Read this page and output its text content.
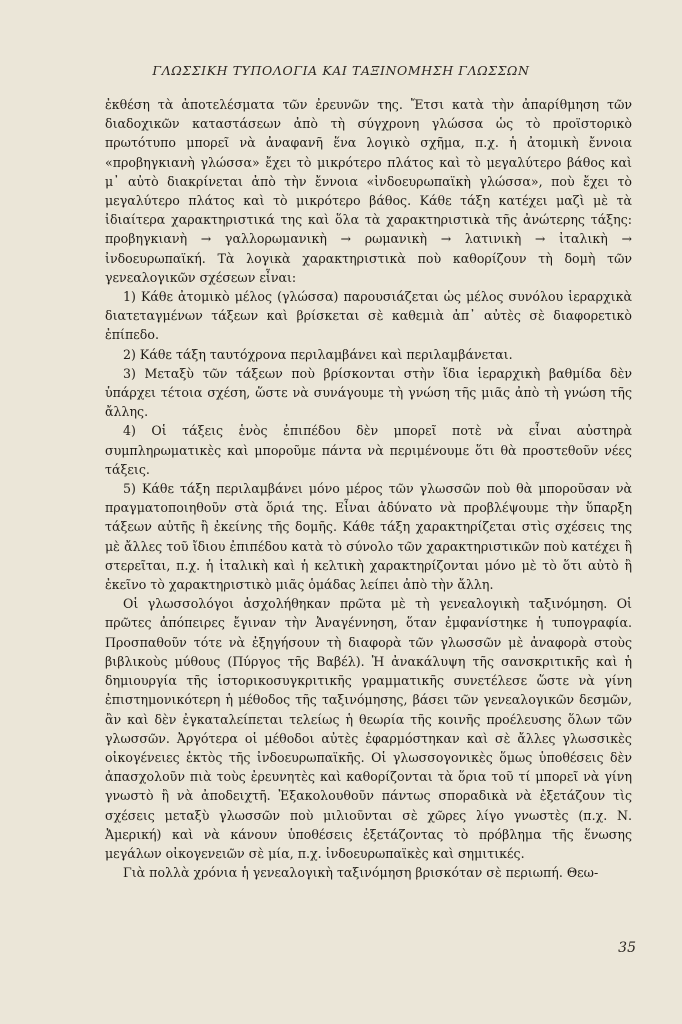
ΓΛΩΣΣΙΚΗ ΤΥΠΟΛΟΓΙΑ ΚΑΙ ΤΑΞΙΝΟΜΗΣΗ ΓΛΩΣΣΩΝ

ἐκθέση τὰ ἀποτελέσματα τῶν ἐρευνῶν της. Ἔτσι κατὰ τὴν ἀπαρίθμηση τῶν διαδοχικῶν καταστάσεων ἀπὸ τὴ σύγχρονη γλώσσα ὡς τὸ προϊστορικὸ πρωτότυπο μπορεῖ νὰ ἀναφανῆ ἕνα λογικὸ σχῆμα, π.χ. ἡ ἀτομικὴ ἔννοια «προβηγκιανὴ γλώσσα» ἔχει τὸ μικρότερο πλάτος καὶ τὸ μεγαλύτερο βάθος καὶ μ᾽ αὐτὸ διακρίνεται ἀπὸ τὴν ἔννοια «ἰνδοευρωπαϊκὴ γλώσσα», ποὺ ἔχει τὸ μεγαλύτερο πλάτος καὶ τὸ μικρότερο βάθος. Κάθε τάξη κατέχει μαζὶ μὲ τὰ ἰδιαίτερα χαρακτηριστικά της καὶ ὅλα τὰ χαρακτηριστικὰ τῆς ἀνώτερης τάξης: προβηγκιανὴ → γαλλορωμανικὴ → ρωμανικὴ → λατινικὴ → ἰταλικὴ → ἰνδοευρωπαϊκή. Τὰ λογικὰ χαρακτηριστικὰ ποὺ καθορίζουν τὴ δομὴ τῶν γενεαλογικῶν σχέσεων εἶναι:

1) Κάθε ἀτομικὸ μέλος (γλώσσα) παρουσιάζεται ὡς μέλος συνόλου ἱεραρχικὰ διατεταγμένων τάξεων καὶ βρίσκεται σὲ καθεμιὰ ἀπ᾽ αὐτὲς σὲ διαφορετικὸ ἐπίπεδο.

2) Κάθε τάξη ταυτόχρονα περιλαμβάνει καὶ περιλαμβάνεται.

3) Μεταξὺ τῶν τάξεων ποὺ βρίσκονται στὴν ἴδια ἱεραρχικὴ βαθμίδα δὲν ὑπάρχει τέτοια σχέση, ὥστε νὰ συνάγουμε τὴ γνώση τῆς μιᾶς ἀπὸ τὴ γνώση τῆς ἄλλης.

4) Οἱ τάξεις ἑνὸς ἐπιπέδου δὲν μπορεῖ ποτὲ νὰ εἶναι αὐστηρὰ συμπληρωματικὲς καὶ μποροῦμε πάντα νὰ περιμένουμε ὅτι θὰ προστεθοῦν νέες τάξεις.

5) Κάθε τάξη περιλαμβάνει μόνο μέρος τῶν γλωσσῶν ποὺ θὰ μποροῦσαν νὰ πραγματοποιηθοῦν στὰ ὅριά της. Εἶναι ἀδύνατο νὰ προβλέψουμε τὴν ὕπαρξη τάξεων αὐτῆς ἢ ἐκείνης τῆς δομῆς. Κάθε τάξη χαρακτηρίζεται στὶς σχέσεις της μὲ ἄλλες τοῦ ἴδιου ἐπιπέδου κατὰ τὸ σύνολο τῶν χαρακτηριστικῶν ποὺ κατέχει ἢ στερεῖται, π.χ. ἡ ἰταλικὴ καὶ ἡ κελτικὴ χαρακτηρίζονται μόνο μὲ τὸ ὅτι αὐτὸ ἢ ἐκεῖνο τὸ χαρακτηριστικὸ μιᾶς ὁμάδας λείπει ἀπὸ τὴν ἄλλη.

Οἱ γλωσσολόγοι ἀσχολήθηκαν πρῶτα μὲ τὴ γενεαλογικὴ ταξινόμηση. Οἱ πρῶτες ἀπόπειρες ἔγιναν τὴν Ἀναγέννηση, ὅταν ἐμφανίστηκε ἡ τυπογραφία. Προσπαθοῦν τότε νὰ ἐξηγήσουν τὴ διαφορὰ τῶν γλωσσῶν μὲ ἀναφορὰ στοὺς βιβλικοὺς μύθους (Πύργος τῆς Βαβέλ). Ἡ ἀνακάλυψη τῆς σανσκριτικῆς καὶ ἡ δημιουργία τῆς ἱστορικοσυγκριτικῆς γραμματικῆς συνετέλεσε ὥστε νὰ γίνη ἐπιστημονικότερη ἡ μέθοδος τῆς ταξινόμησης, βάσει τῶν γενεαλογικῶν δεσμῶν, ἂν καὶ δὲν ἐγκαταλείπεται τελείως ἡ θεωρία τῆς κοινῆς προέλευσης ὅλων τῶν γλωσσῶν. Ἀργότερα οἱ μέθοδοι αὐτὲς ἐφαρμόστηκαν καὶ σὲ ἄλλες γλωσσικὲς οἰκογένειες ἐκτὸς τῆς ἰνδοευρωπαϊκῆς. Οἱ γλωσσογονικὲς ὅμως ὑποθέσεις δὲν ἀπασχολοῦν πιὰ τοὺς ἐρευνητὲς καὶ καθορίζονται τὰ ὅρια τοῦ τί μπορεῖ νὰ γίνη γνωστὸ ἢ νὰ ἀποδειχτῆ. Ἐξακολουθοῦν πάντως σποραδικὰ νὰ ἐξετάζουν τὶς σχέσεις μεταξὺ γλωσσῶν ποὺ μιλιοῦνται σὲ χῶρες λίγο γνωστὲς (π.χ. Ν. Ἀμερική) καὶ νὰ κάνουν ὑποθέσεις ἐξετάζοντας τὸ πρόβλημα τῆς ἕνωσης μεγάλων οἰκογενειῶν σὲ μία, π.χ. ἰνδοευρωπαϊκὲς καὶ σημιτικές.

Γιὰ πολλὰ χρόνια ἡ γενεαλογικὴ ταξινόμηση βρισκόταν σὲ περιωπή. Θεω-

35
